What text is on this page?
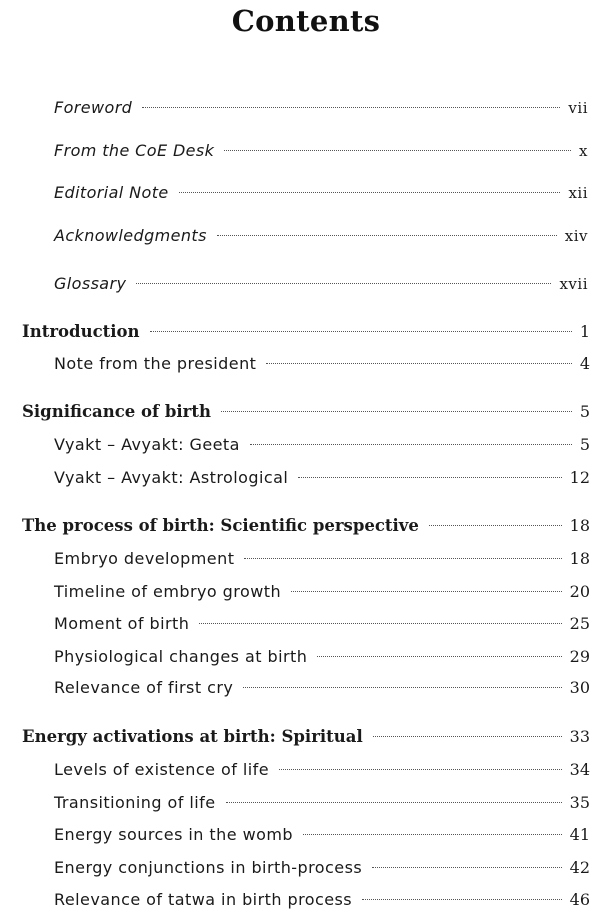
Contents
Foreword	vii
From the CoE Desk	x
Editorial Note	xii
Acknowledgments	xiv
Glossary	xvii
Introduction	1
Note from the president	4
Significance of birth	5
Vyakt – Avyakt: Geeta	5
Vyakt – Avyakt: Astrological	12
The process of birth: Scientific perspective	18
Embryo development	18
Timeline of embryo growth	20
Moment of birth	25
Physiological changes at birth	29
Relevance of first cry	30
Energy activations at birth: Spiritual	33
Levels of existence of life	34
Transitioning of life	35
Energy sources in the womb	41
Energy conjunctions in birth-process	42
Relevance of tatwa in birth process	46
